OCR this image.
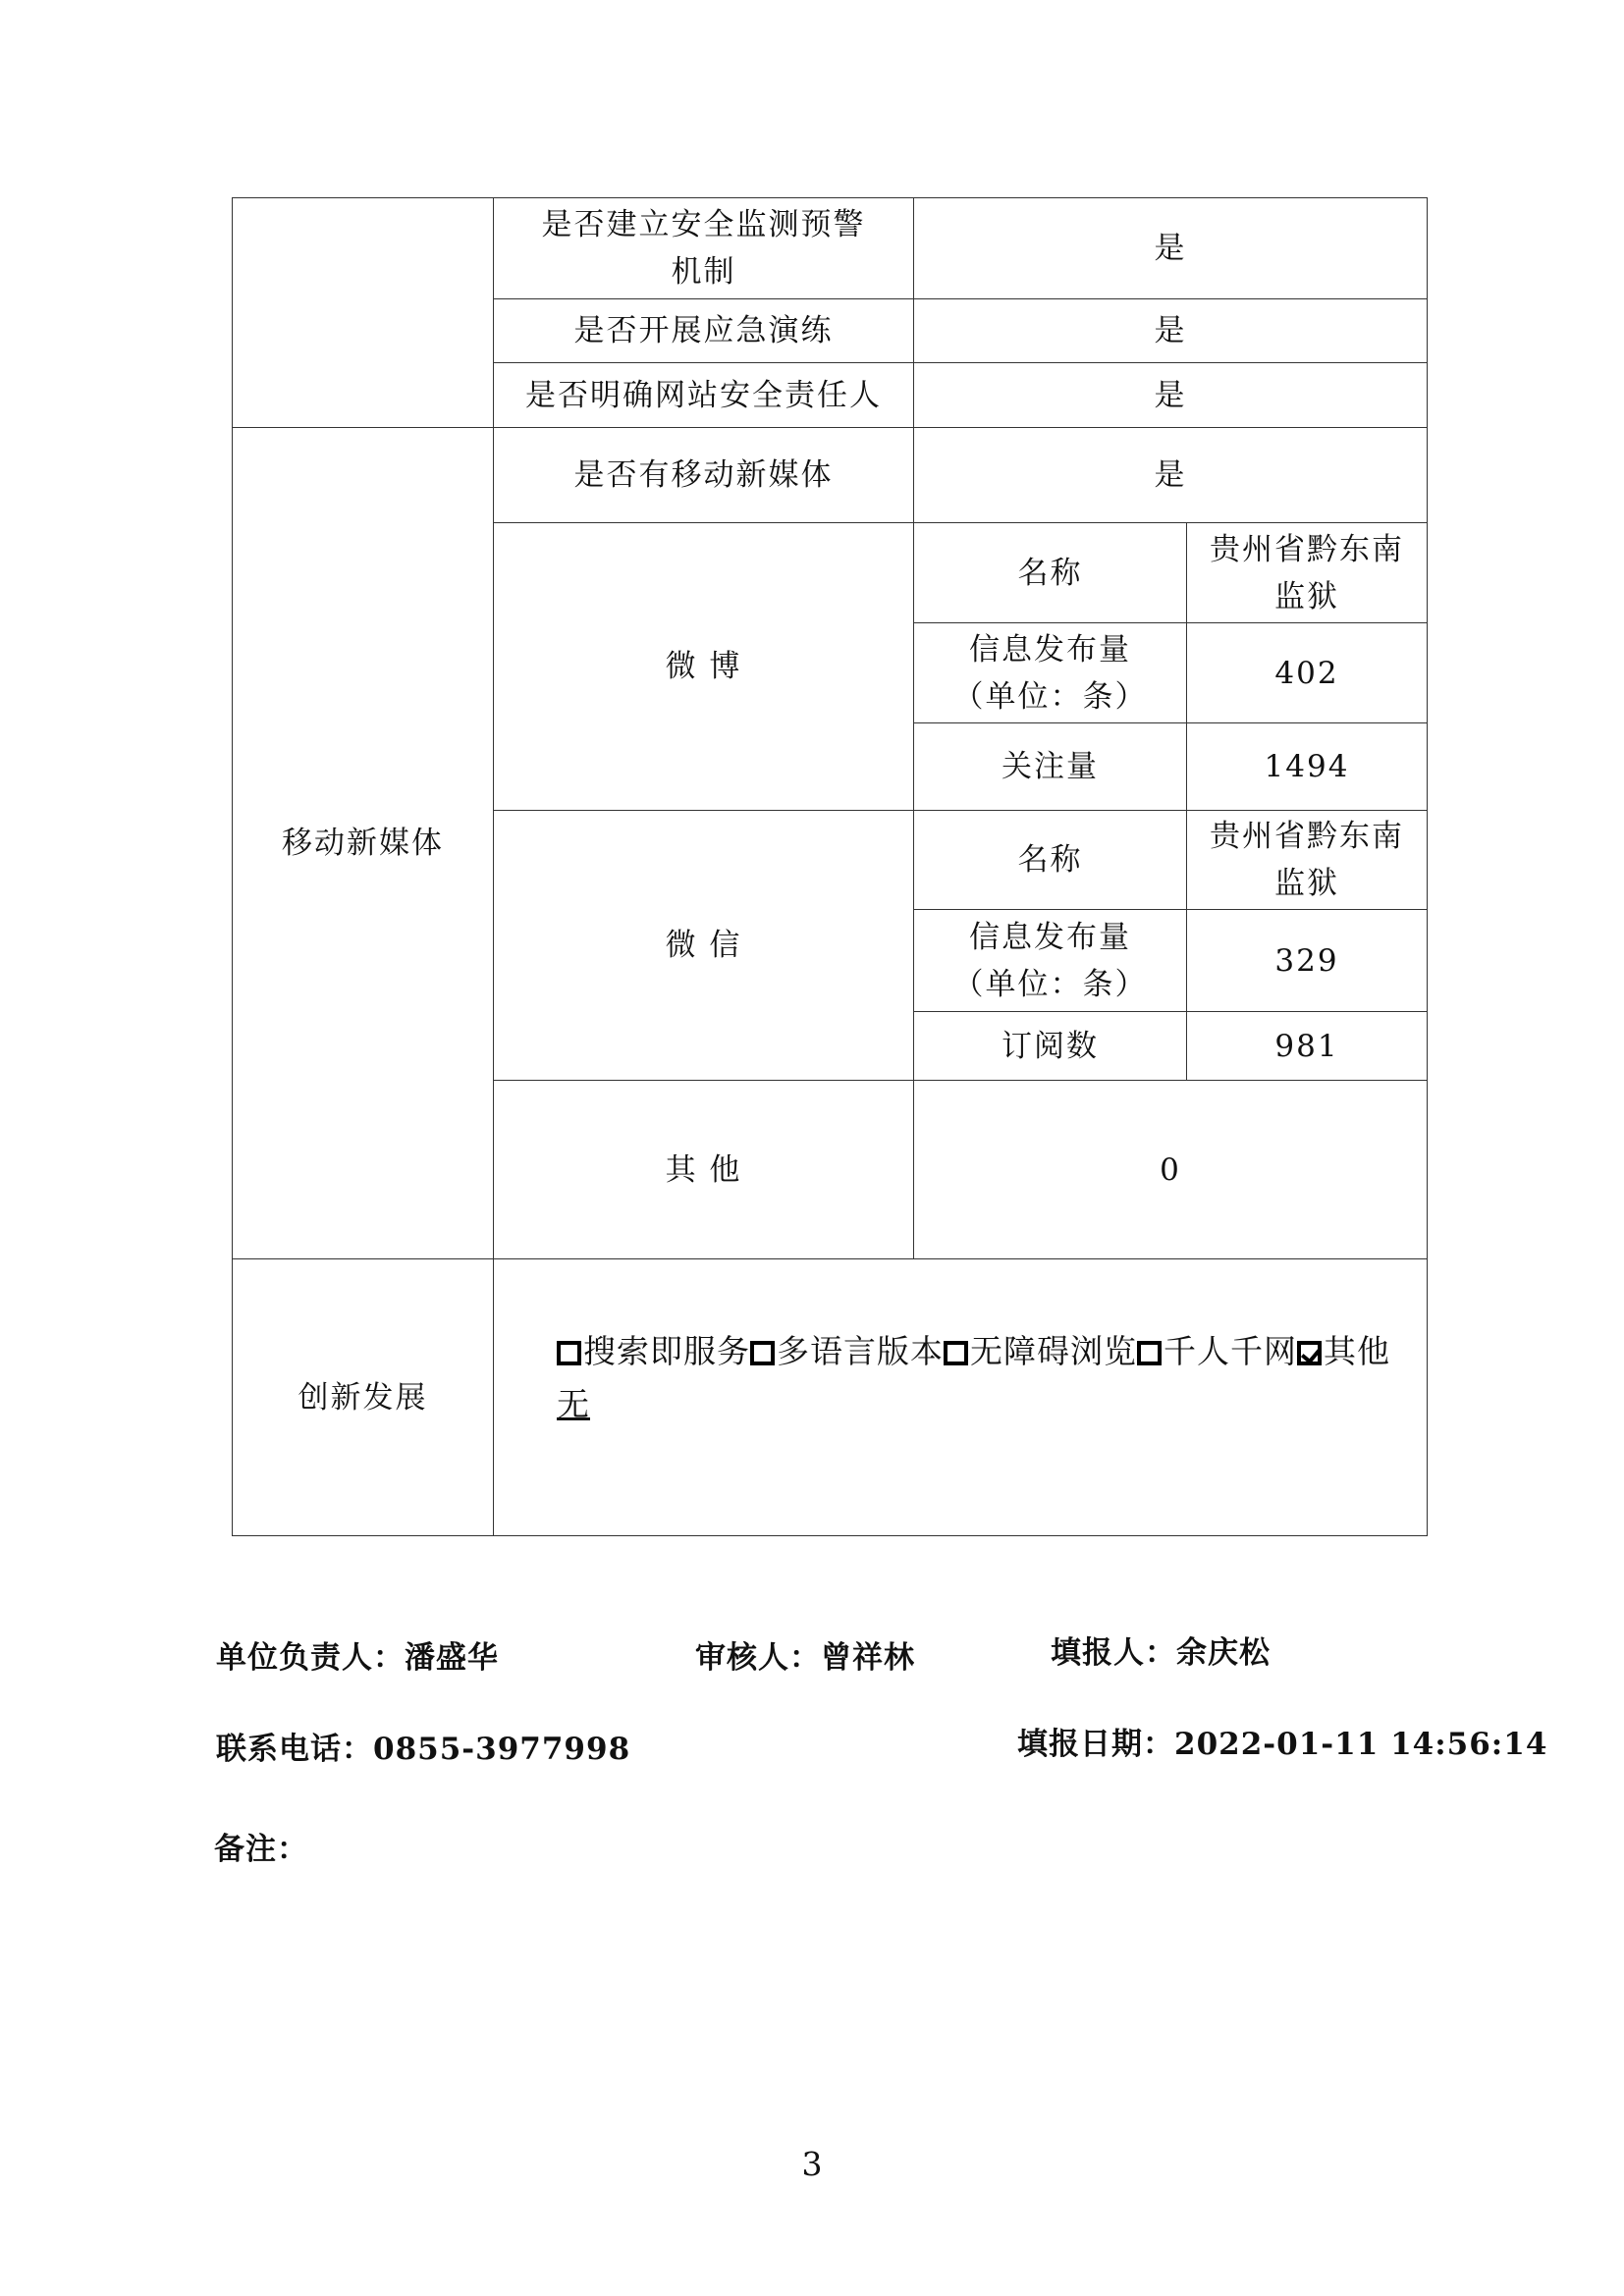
	是否建立安全监测预警
机制	是	
	是否开展应急演练	是	
	是否明确网站安全责任人	是	
移动新媒体	是否有移动新媒体	是	
	微 博	名称	贵州省黔东南
监狱

		信息发布量
（单位：条）	402
		关注量	1494
	微 信	名称	贵州省黔东南
监狱

		信息发布量
（单位：条）	329
		订阅数	981
	其 他	0	
创新发展	搜索即服务 多语言版本 无障碍浏览 千人千网 其他
无		
单位负责人：潘盛华	审核人：曾祥林	填报人：余庆松
联系电话：0855-3977998	填报日期：2022-01-11 14:56:14
备注：
3
